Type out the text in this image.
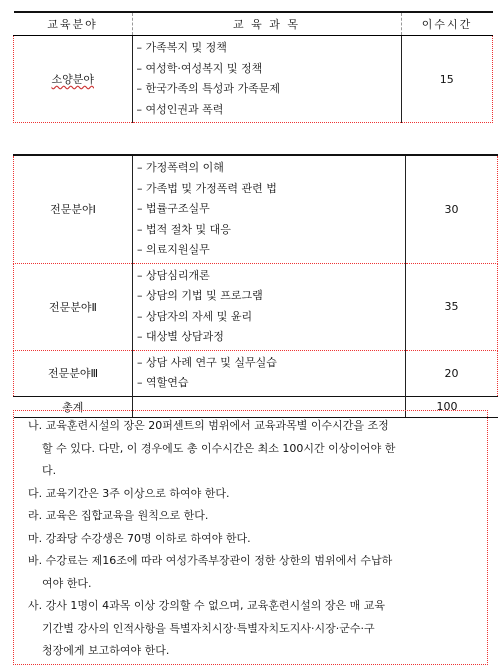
교육분야	교 육 과 목	이수시간
소양분야	– 가족복지 및 정책
– 여성학·여성복지 및 정책
– 한국가족의 특성과 가족문제
– 여성인권과 폭력	15
전문분야Ⅰ	– 가정폭력의 이해
– 가족법 및 가정폭력 관련 법
– 법률구조실무
– 법적 절차 및 대응
– 의료지원실무	30
전문분야Ⅱ	– 상담심리개론
– 상담의 기법 및 프로그램
– 상담자의 자세 및 윤리
– 대상별 상담과정	35
전문분야Ⅲ	– 상담 사례 연구 및 실무실습
– 역할연습	20
총계		100
나. 교육훈련시설의 장은 20퍼센트의 범위에서 교육과목별 이수시간을 조정
할 수 있다. 다만, 이 경우에도 총 이수시간은 최소 100시간 이상이어야 한
다.
다. 교육기간은 3주 이상으로 하여야 한다.
라. 교육은 집합교육을 원칙으로 한다.
마. 강좌당 수강생은 70명 이하로 하여야 한다.
바. 수강료는 제16조에 따라 여성가족부장관이 정한 상한의 범위에서 수납하
여야 한다.
사. 강사 1명이 4과목 이상 강의할 수 없으며, 교육훈련시설의 장은 매 교육
기간별 강사의 인적사항을 특별자치시장·특별자치도지사·시장·군수·구
청장에게 보고하여야 한다.
